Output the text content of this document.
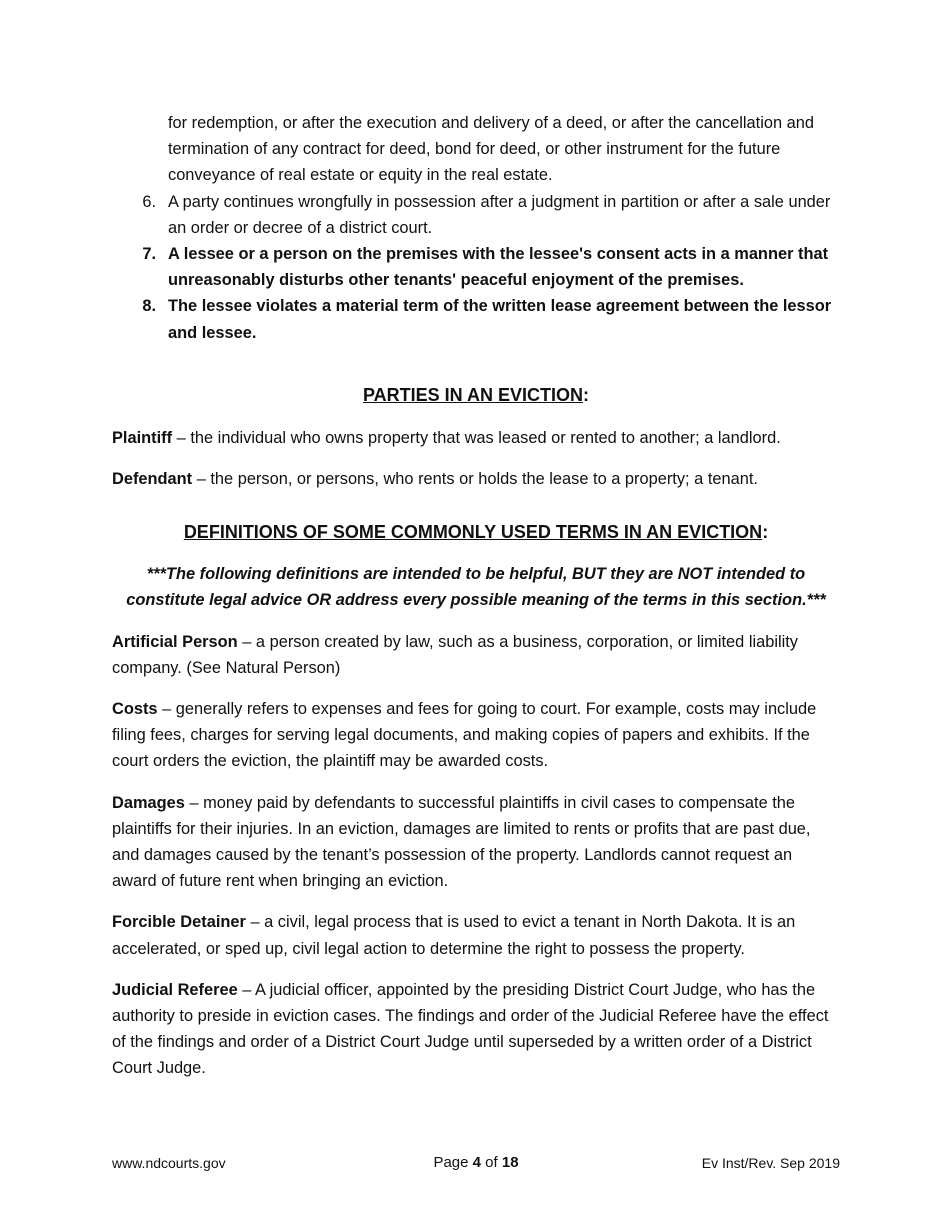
for redemption, or after the execution and delivery of a deed, or after the cancellation and termination of any contract for deed, bond for deed, or other instrument for the future conveyance of real estate or equity in the real estate.
6. A party continues wrongfully in possession after a judgment in partition or after a sale under an order or decree of a district court.
7. A lessee or a person on the premises with the lessee's consent acts in a manner that unreasonably disturbs other tenants' peaceful enjoyment of the premises.
8. The lessee violates a material term of the written lease agreement between the lessor and lessee.
PARTIES IN AN EVICTION:
Plaintiff – the individual who owns property that was leased or rented to another; a landlord.
Defendant – the person, or persons, who rents or holds the lease to a property; a tenant.
DEFINITIONS OF SOME COMMONLY USED TERMS IN AN EVICTION:
***The following definitions are intended to be helpful, BUT they are NOT intended to
constitute legal advice OR address every possible meaning of the terms in this section.***
Artificial Person – a person created by law, such as a business, corporation, or limited liability company. (See Natural Person)
Costs – generally refers to expenses and fees for going to court. For example, costs may include filing fees, charges for serving legal documents, and making copies of papers and exhibits. If the court orders the eviction, the plaintiff may be awarded costs.
Damages – money paid by defendants to successful plaintiffs in civil cases to compensate the plaintiffs for their injuries. In an eviction, damages are limited to rents or profits that are past due, and damages caused by the tenant’s possession of the property. Landlords cannot request an award of future rent when bringing an eviction.
Forcible Detainer – a civil, legal process that is used to evict a tenant in North Dakota. It is an accelerated, or sped up, civil legal action to determine the right to possess the property.
Judicial Referee – A judicial officer, appointed by the presiding District Court Judge, who has the authority to preside in eviction cases. The findings and order of the Judicial Referee have the effect of the findings and order of a District Court Judge until superseded by a written order of a District Court Judge.
www.ndcourts.gov	Page 4 of 18	Ev Inst/Rev. Sep 2019
